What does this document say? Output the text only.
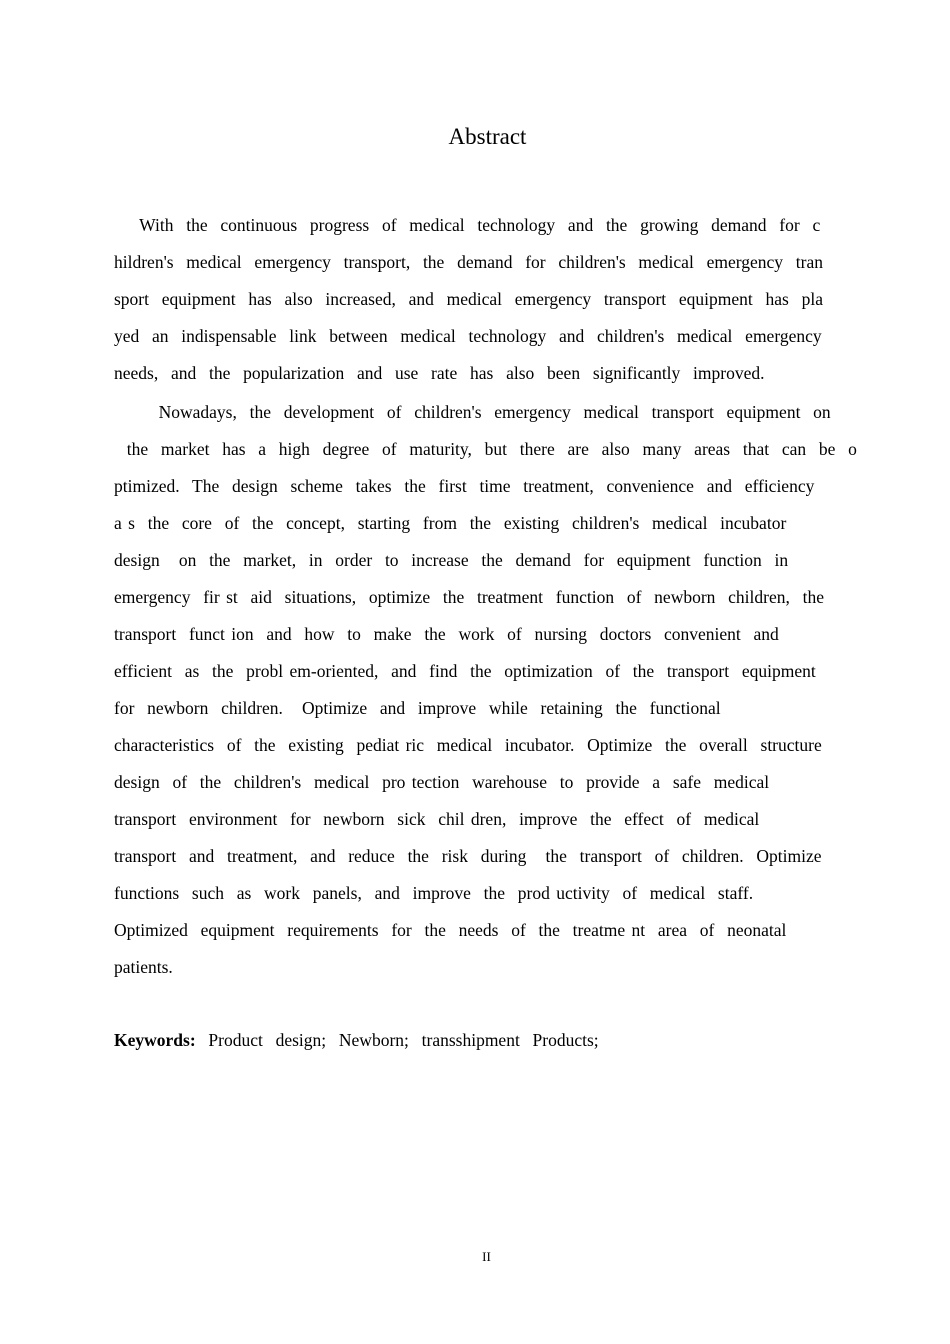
Abstract
With  the  continuous  progress  of  medical  technology  and  the  growing  demand  for  c
hildren's  medical  emergency  transport,  the  demand  for  children's  medical  emergency  tran
sport  equipment  has  also  increased,  and  medical  emergency  transport  equipment  has  pla
yed  an  indispensable  link  between  medical  technology  and  children's  medical  emergency
needs,  and  the  popularization  and  use  rate  has  also  been  significantly  improved.
Nowadays,  the  development  of  children's  emergency  medical  transport  equipment  on
the  market  has  a  high  degree  of  maturity,  but  there  are  also  many  areas  that  can  be  o
ptimized.  The  design  scheme  takes  the  first  time  treatment,  convenience  and  efficiency
a s  the  core  of  the  concept,  starting  from  the  existing  children's  medical  incubator
design   on  the  market,  in  order  to  increase  the  demand  for  equipment  function  in
emergency  fir st  aid  situations,  optimize  the  treatment  function  of  newborn  children,  the
transport  funct ion  and  how  to  make  the  work  of  nursing  doctors  convenient  and
efficient  as  the  probl em-oriented,  and  find  the  optimization  of  the  transport  equipment
for  newborn  children.   Optimize  and  improve  while  retaining  the  functional
characteristics  of  the  existing  pediat ric  medical  incubator.  Optimize  the  overall  structure
design  of  the  children's  medical  pro tection  warehouse  to  provide  a  safe  medical
transport  environment  for  newborn  sick  chil dren,  improve  the  effect  of  medical
transport  and  treatment,  and  reduce  the  risk  during   the  transport  of  children.  Optimize
functions  such  as  work  panels,  and  improve  the  prod uctivity  of  medical  staff.
Optimized  equipment  requirements  for  the  needs  of  the  treatme nt  area  of  neonatal
patients.
Keywords:  Product  design;  Newborn;  transshipment  Products;
II
